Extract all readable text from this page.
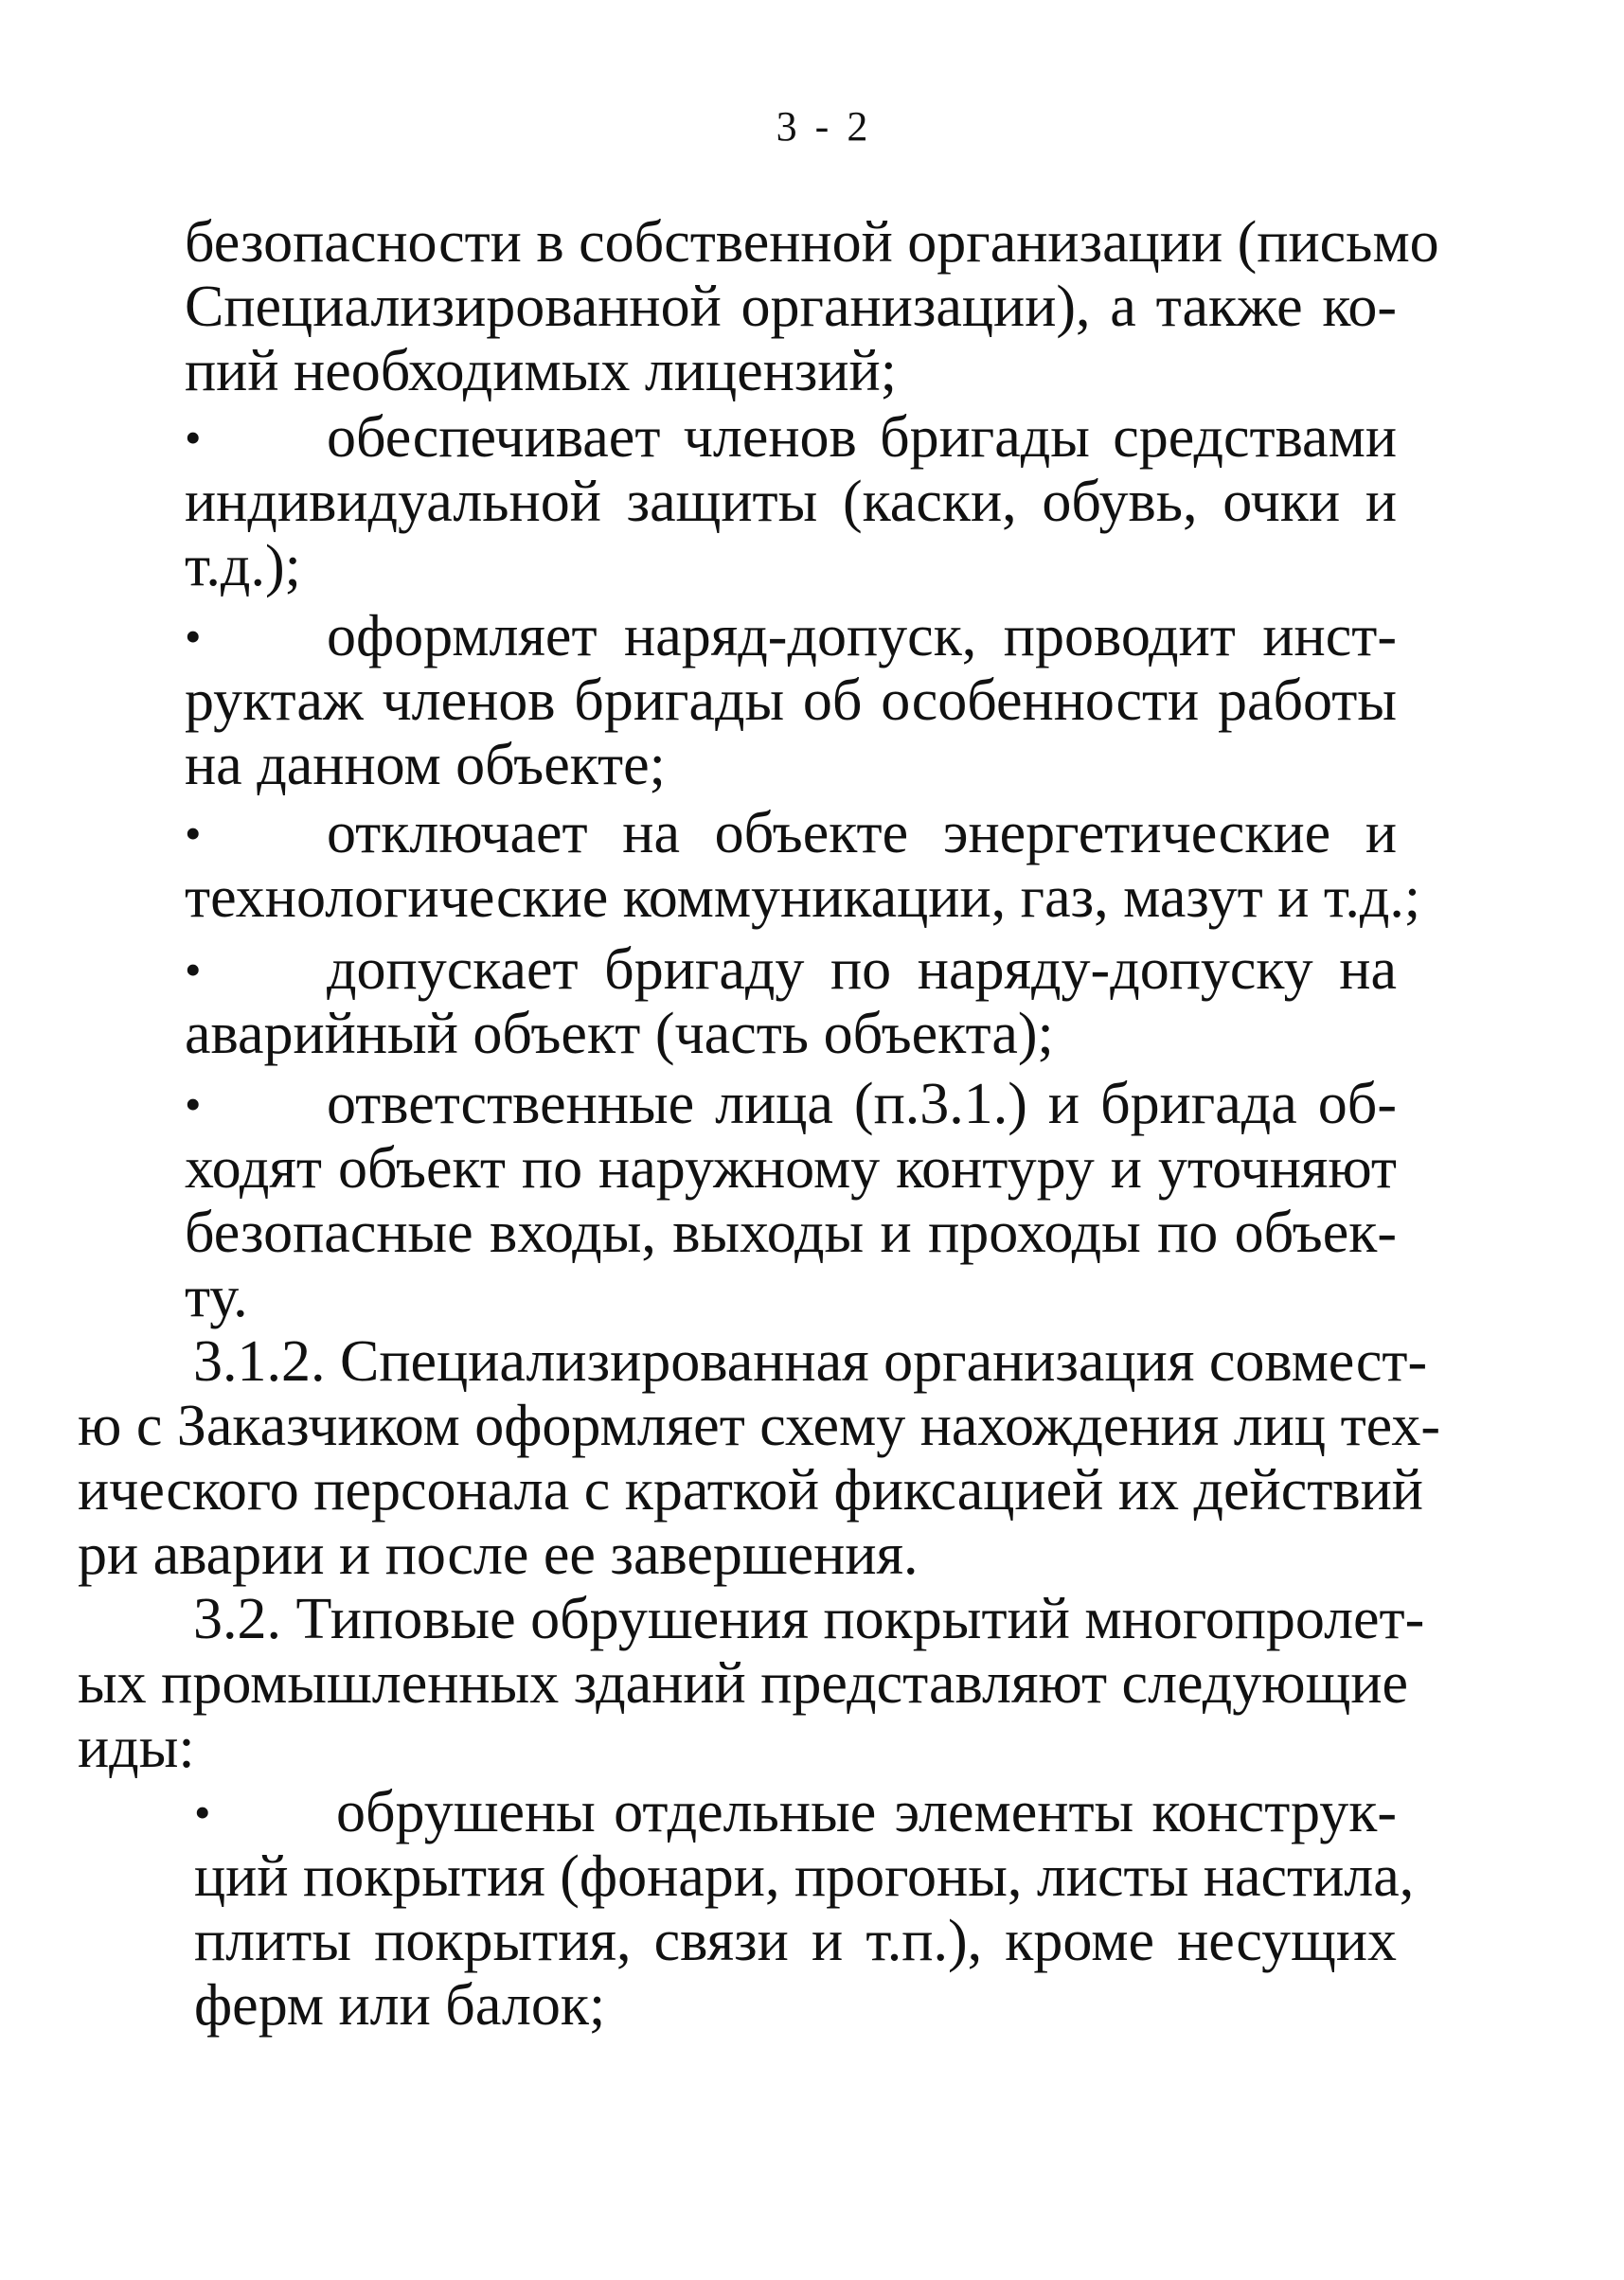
3 - 2
безопасности в собственной организации (письмо
Специализированной организации), а также ко-
пий необходимых лицензий;
• обеспечивает членов бригады средствами
индивидуальной защиты (каски, обувь, очки и
т.д.);
• оформляет наряд-допуск, проводит инст-
руктаж членов бригады об особенности работы
на данном объекте;
• отключает на объекте энергетические и
технологические коммуникации, газ, мазут и т.д.;
• допускает бригаду по наряду-допуску на
аварийный объект (часть объекта);
• ответственные лица (п.3.1.) и бригада об-
ходят объект по наружному контуру и уточняют
безопасные входы, выходы и проходы по объек-
ту.
3.1.2. Специализированная организация совмест-
ю с Заказчиком оформляет схему нахождения лиц тех-
ического персонала с краткой фиксацией их действий
ри аварии и после ее завершения.
3.2. Типовые обрушения покрытий многопролет-
ых промышленных зданий представляют следующие
иды:
• обрушены отдельные элементы конструк-
ций покрытия (фонари, прогоны, листы настила,
плиты покрытия, связи и т.п.), кроме несущих
ферм или балок;
